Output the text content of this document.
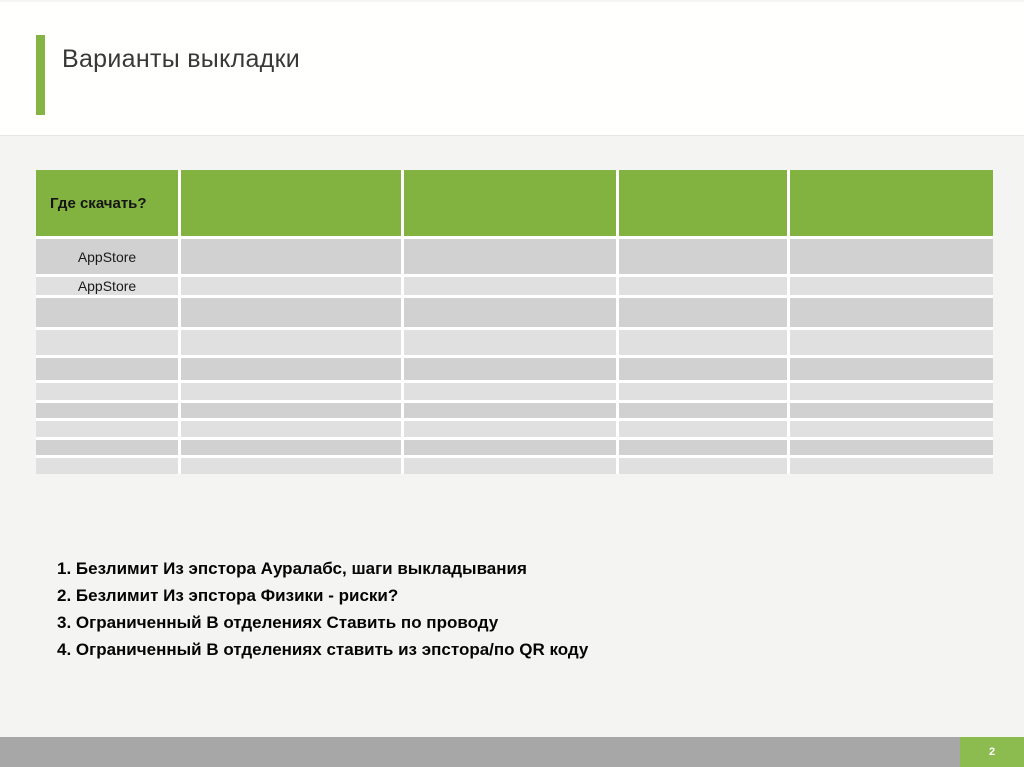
Варианты выкладки
Где скачать?
AppStore
AppStore
1. Безлимит Из эпстора Ауралабс, шаги выкладывания
2. Безлимит Из эпстора Физики - риски?
3. Ограниченный В отделениях Ставить по проводу
4. Ограниченный В отделениях ставить из эпстора/по QR коду
2
